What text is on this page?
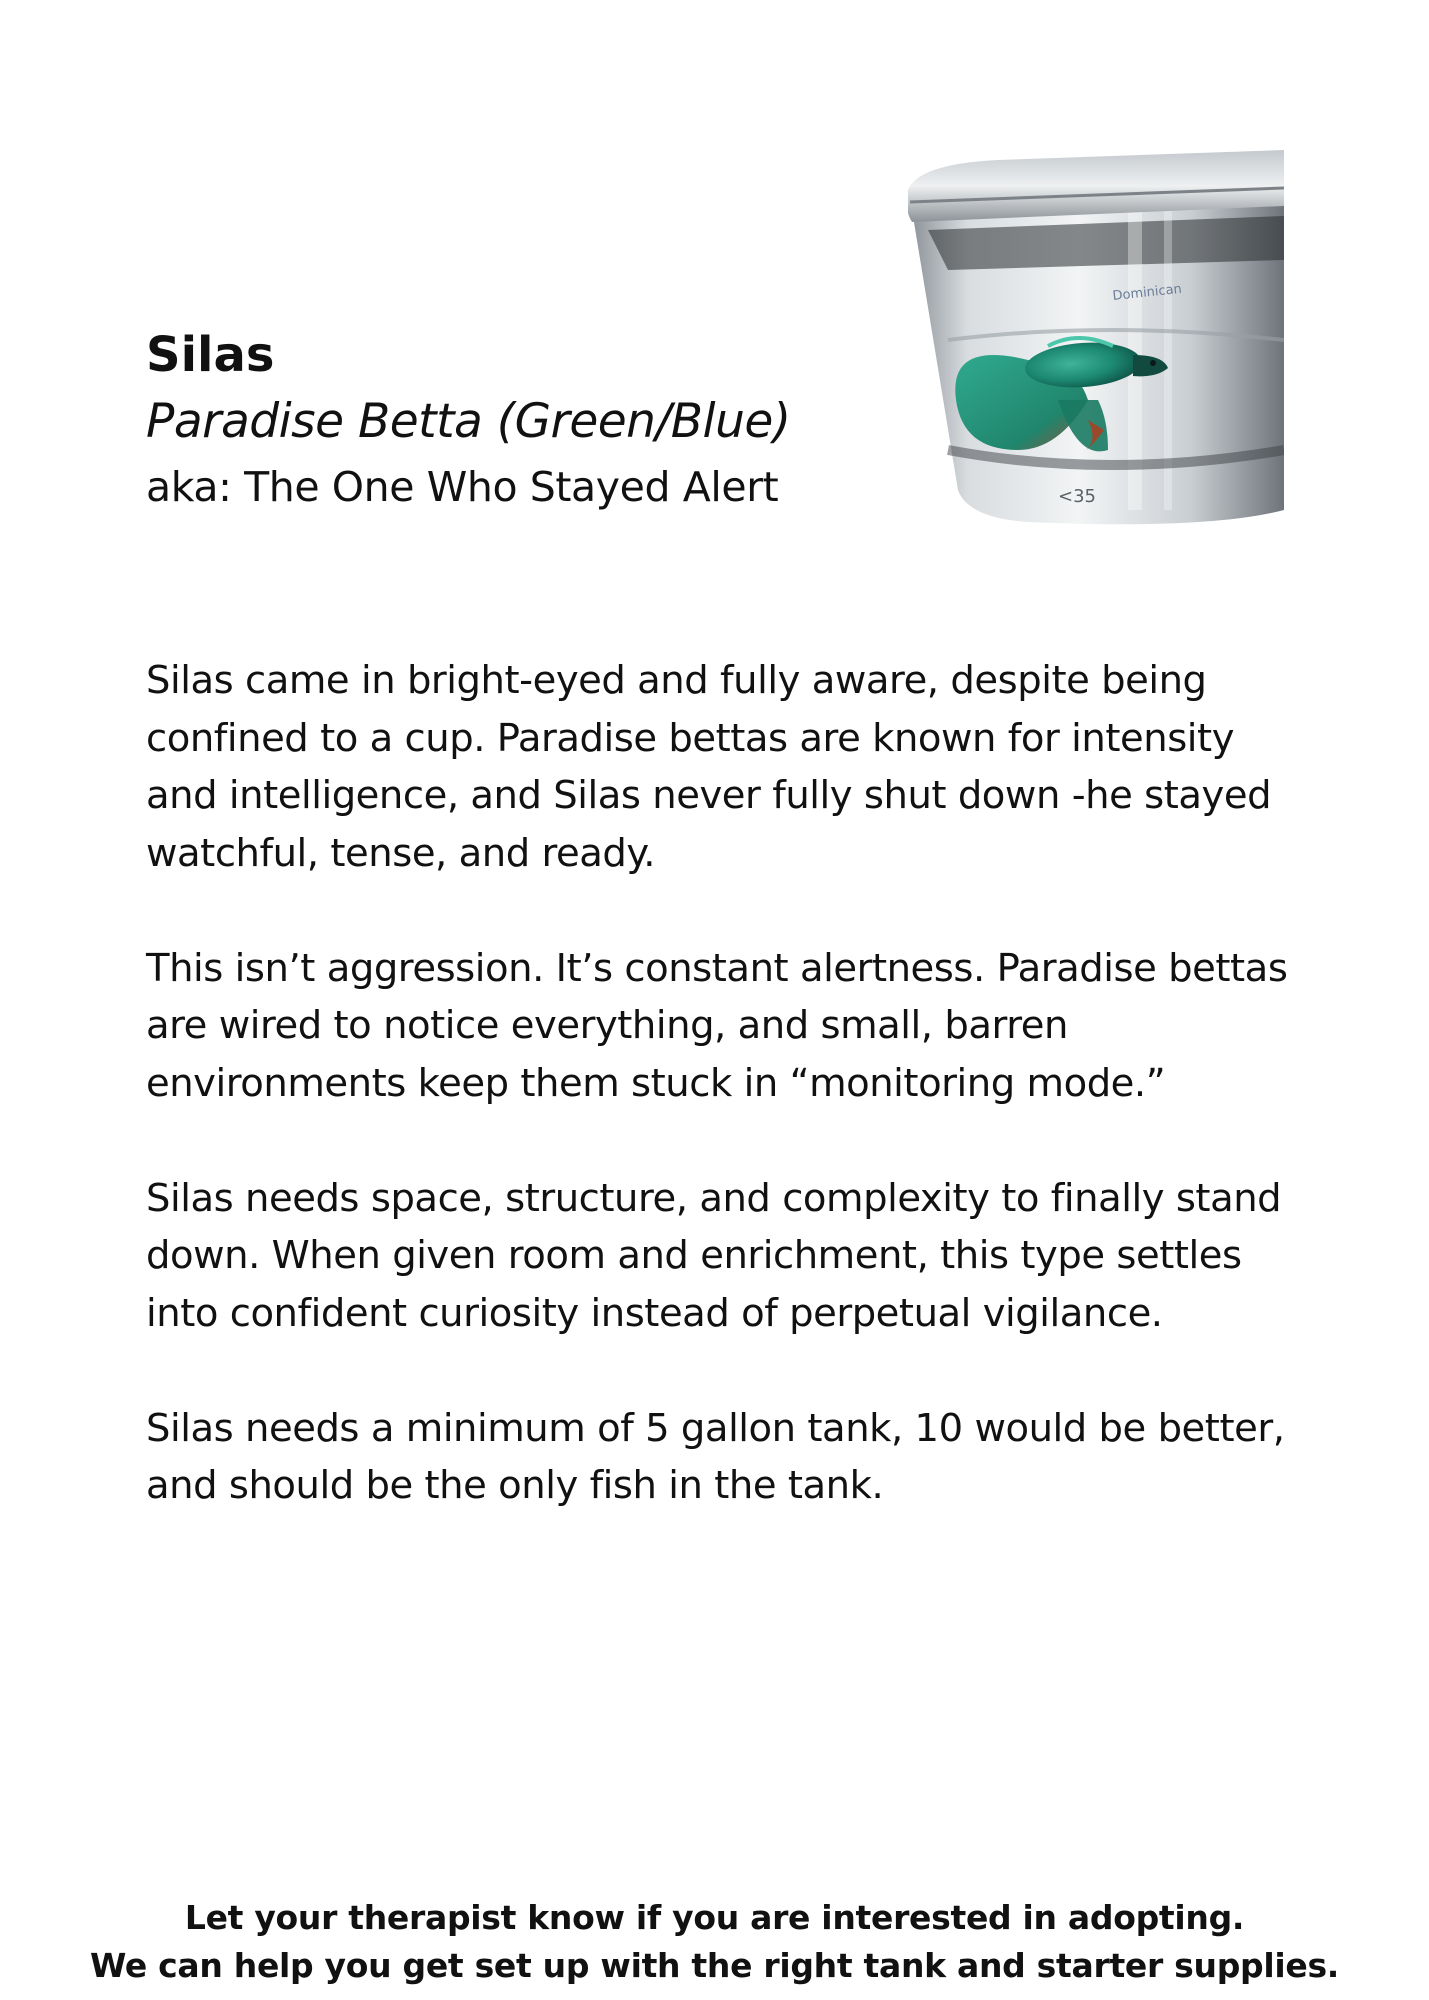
Silas

Paradise Betta (Green/Blue)

aka: The One Who Stayed Alert

Dominican
<35

Silas came in bright-eyed and fully aware, despite being confined to a cup. Paradise bettas are known for intensity and intelligence, and Silas never fully shut down -he stayed watchful, tense, and ready.

This isn’t aggression. It’s constant alertness. Paradise bettas are wired to notice everything, and small, barren environments keep them stuck in “monitoring mode.”

Silas needs space, structure, and complexity to finally stand down. When given room and enrichment, this type settles into confident curiosity instead of perpetual vigilance.

Silas needs a minimum of 5 gallon tank, 10 would be better, and should be the only fish in the tank.

Let your therapist know if you are interested in adopting.

We can help you get set up with the right tank and starter supplies.
